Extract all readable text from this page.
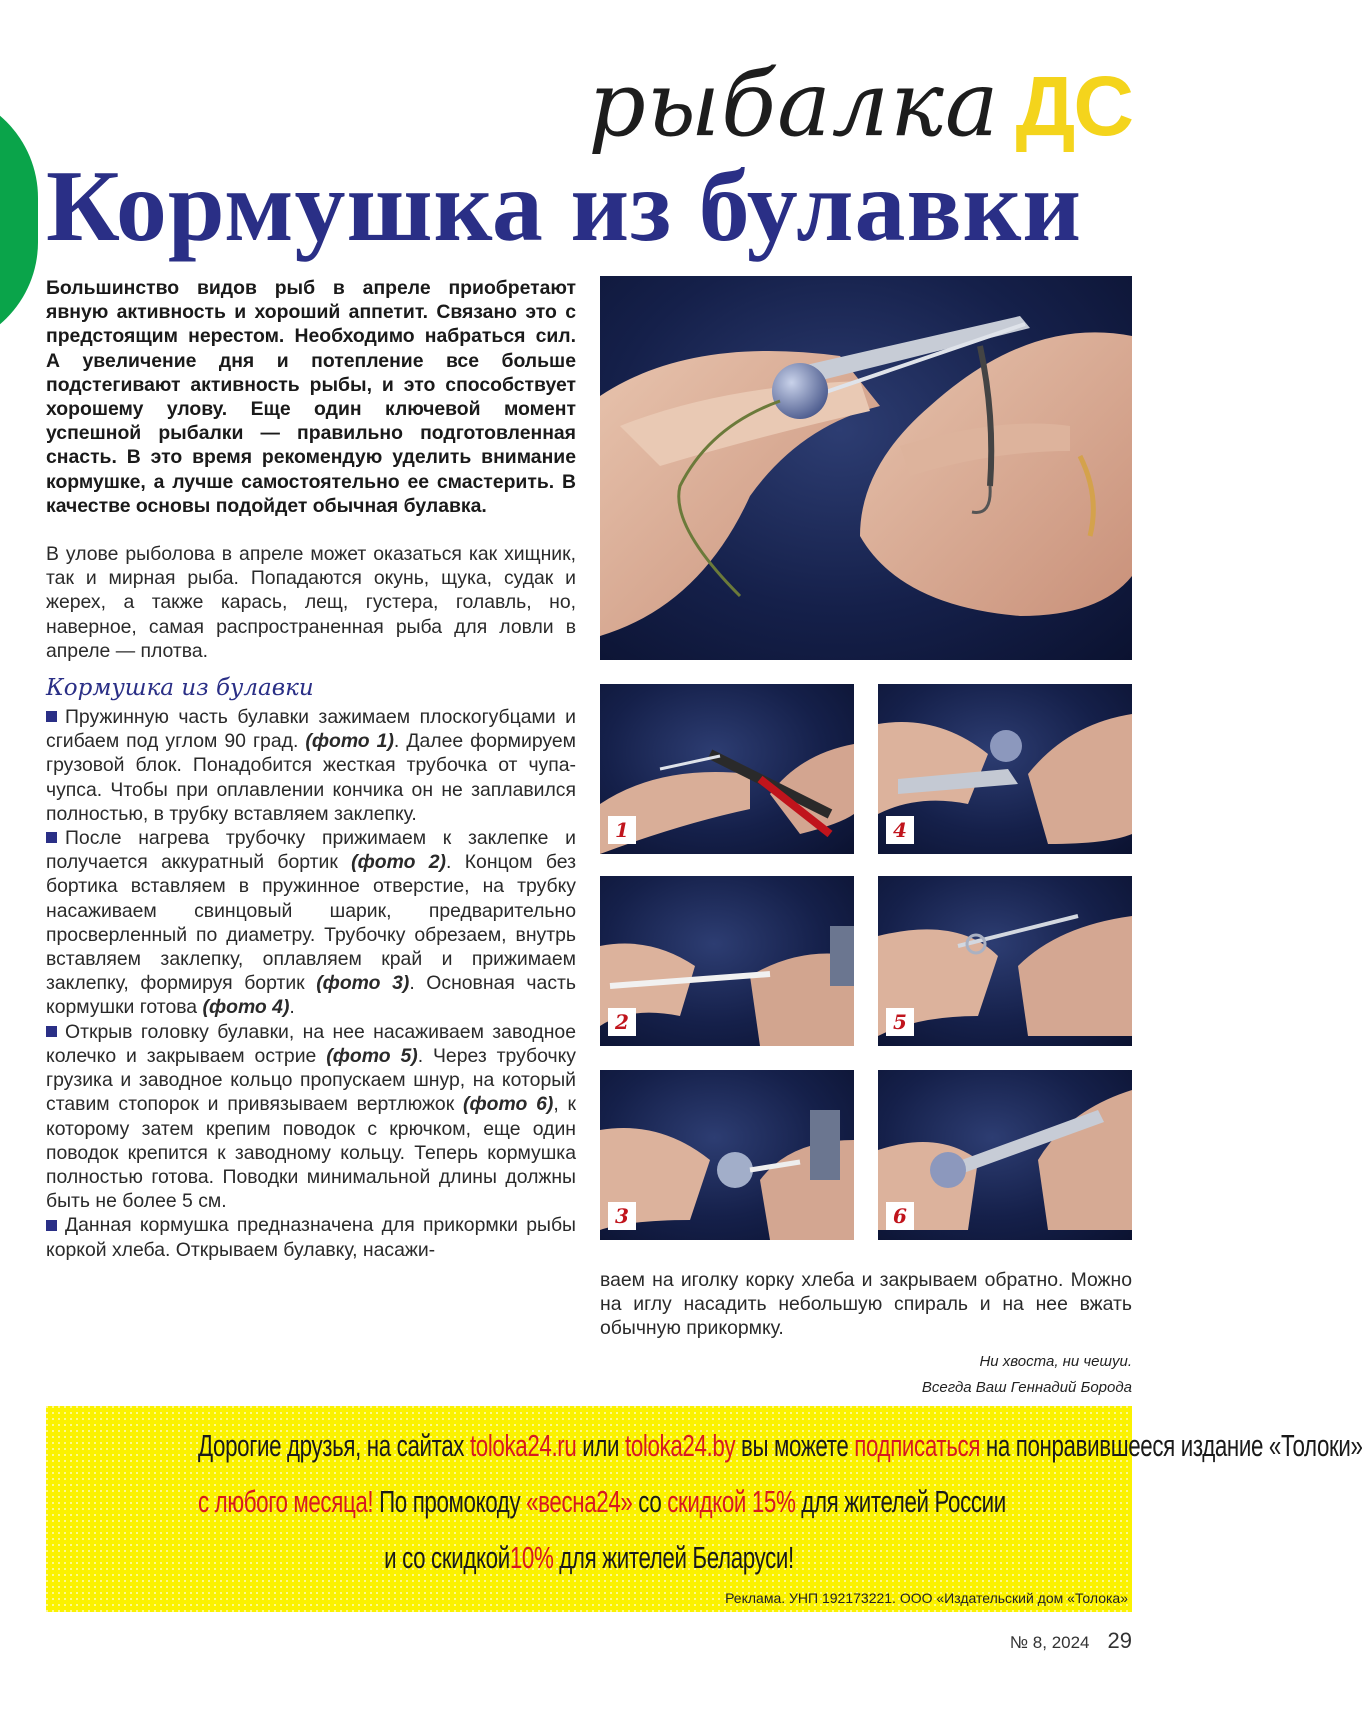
рыбалка ДС
Кормушка из булавки

Большинство видов рыб в апреле приобретают явную активность и хороший аппетит. Связано это с предстоящим нерестом. Необходимо набраться сил. А увеличение дня и потепление все больше подстегивают активность рыбы, и это способствует хорошему улову. Еще один ключевой момент успешной рыбалки — правильно подготовленная снасть. В это время рекомендую уделить внимание кормушке, а лучше самостоятельно ее смастерить. В качестве основы подойдет обычная булавка.

В улове рыболова в апреле может оказаться как хищник, так и мирная рыба. Попадаются окунь, щука, судак и жерех, а также карась, лещ, густера, голавль, но, наверное, самая распространенная рыба для ловли в апреле — плотва.

Кормушка из булавки

Пружинную часть булавки зажимаем плоскогубцами и сгибаем под углом 90 град. (фото 1). Далее формируем грузовой блок. Понадобится жесткая трубочка от чупа-чупса. Чтобы при оплавлении кончика он не заплавился полностью, в трубку вставляем заклепку.

После нагрева трубочку прижимаем к заклепке и получается аккуратный бортик (фото 2). Концом без бортика вставляем в пружинное отверстие, на трубку насаживаем свинцовый шарик, предварительно просверленный по диаметру. Трубочку обрезаем, внутрь вставляем заклепку, оплавляем край и прижимаем заклепку, формируя бортик (фото 3). Основная часть кормушки готова (фото 4).

Открыв головку булавки, на нее насаживаем заводное колечко и закрываем острие (фото 5). Через трубочку грузика и заводное кольцо пропускаем шнур, на который ставим стопорок и привязываем вертлюжок (фото 6), к которому затем крепим поводок с крючком, еще один поводок крепится к заводному кольцу. Теперь кормушка полностью готова. Поводки минимальной длины должны быть не более 5 см.

Данная кормушка предназначена для прикормки рыбы коркой хлеба. Открываем булавку, насажи-

1	4
2	5
3	6

ваем на иголку корку хлеба и закрываем обратно. Можно на иглу насадить небольшую спираль и на нее вжать обычную прикормку.

Ни хвоста, ни чешуи.
Всегда Ваш Геннадий Борода
Дорогие друзья, на сайтах toloka24.ru или toloka24.by вы можете подписаться на понравившееся издание «Толоки»
с любого месяца! По промокоду «весна24» со скидкой 15% для жителей России
и со скидкой10% для жителей Беларуси!
Реклама. УНП 192173221. ООО «Издательский дом «Толока»
№ 8, 2024 29
